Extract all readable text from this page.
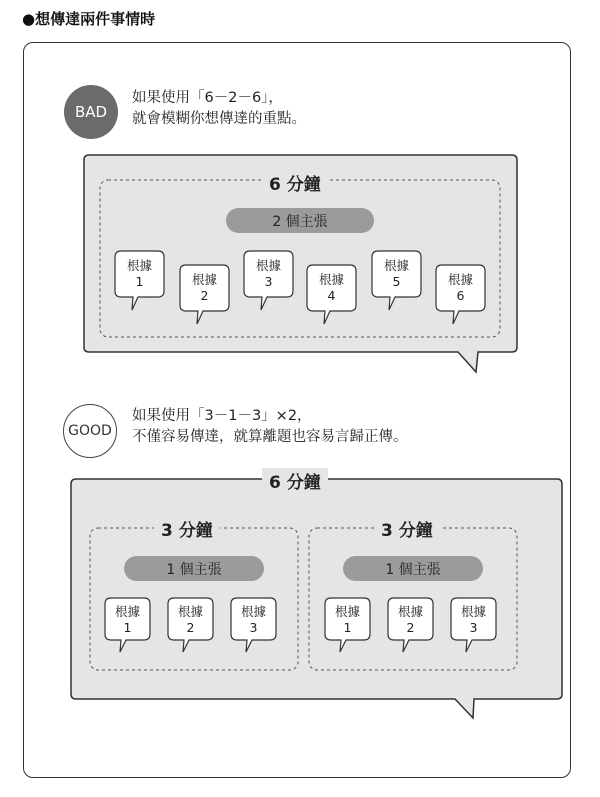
●想傳達兩件事情時
BAD
如果使用「6－2－6」，
就會模糊你想傳達的重點。
6 分鐘
2 個主張
根據
1	根據
2
根據
3	根據
4
根據
5	根據
6
GOOD
如果使用「3－1－3」×2，
不僅容易傳達，就算離題也容易言歸正傳。
6 分鐘
3 分鐘
1 個主張
3 分鐘
1 個主張
根據
1
根據
2
根據
3
根據
1
根據
2
根據
3
